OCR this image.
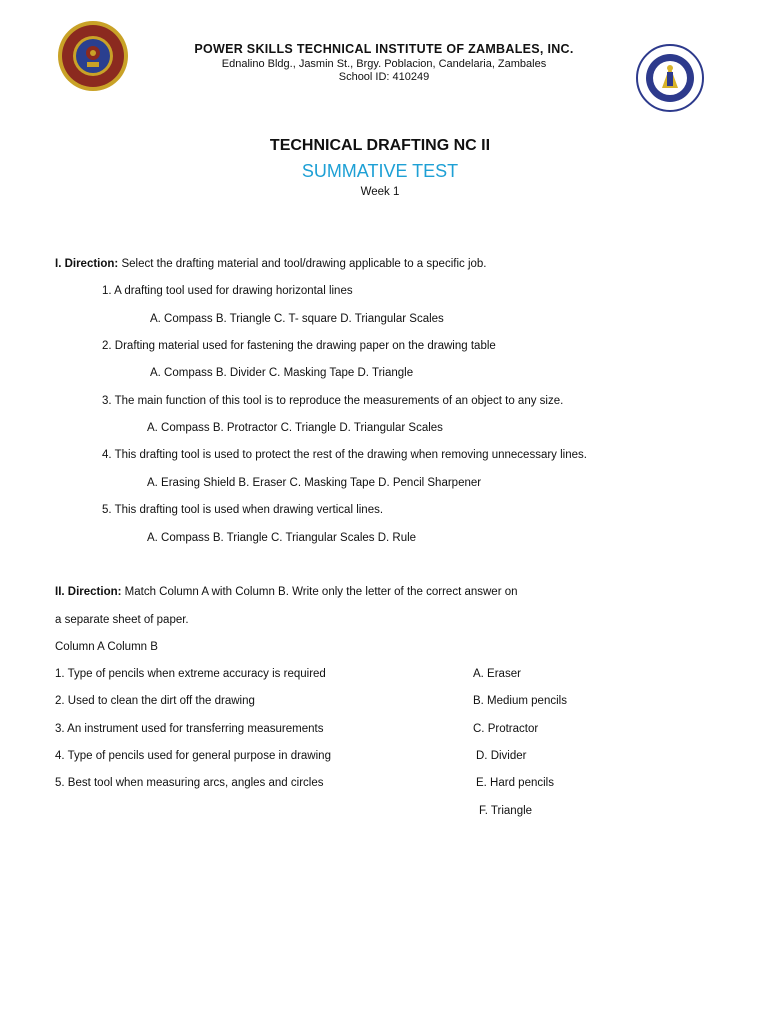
POWER SKILLS TECHNICAL INSTITUTE OF ZAMBALES, INC.
Ednalino Bldg., Jasmin St., Brgy. Poblacion, Candelaria, Zambales
School ID: 410249
TECHNICAL DRAFTING NC II
SUMMATIVE TEST
Week 1
I. Direction: Select the drafting material and tool/drawing applicable to a specific job.
1. A drafting tool used for drawing horizontal lines
A. Compass B. Triangle C. T- square D. Triangular Scales
2. Drafting material used for fastening the drawing paper on the drawing table
A. Compass B. Divider C. Masking Tape D. Triangle
3. The main function of this tool is to reproduce the measurements of an object to any size.
A. Compass B. Protractor C. Triangle D. Triangular Scales
4. This drafting tool is used to protect the rest of the drawing when removing unnecessary lines.
A. Erasing Shield B. Eraser C. Masking Tape D. Pencil Sharpener
5. This drafting tool is used when drawing vertical lines.
A. Compass B. Triangle C. Triangular Scales D. Rule
II. Direction: Match Column A with Column B. Write only the letter of the correct answer on
a separate sheet of paper.
Column A Column B
1. Type of pencils when extreme accuracy is required
2. Used to clean the dirt off the drawing
3. An instrument used for transferring measurements
4. Type of pencils used for general purpose in drawing
5. Best tool when measuring arcs, angles and circles
A. Eraser
B. Medium pencils
C. Protractor
D. Divider
E. Hard pencils
F. Triangle
